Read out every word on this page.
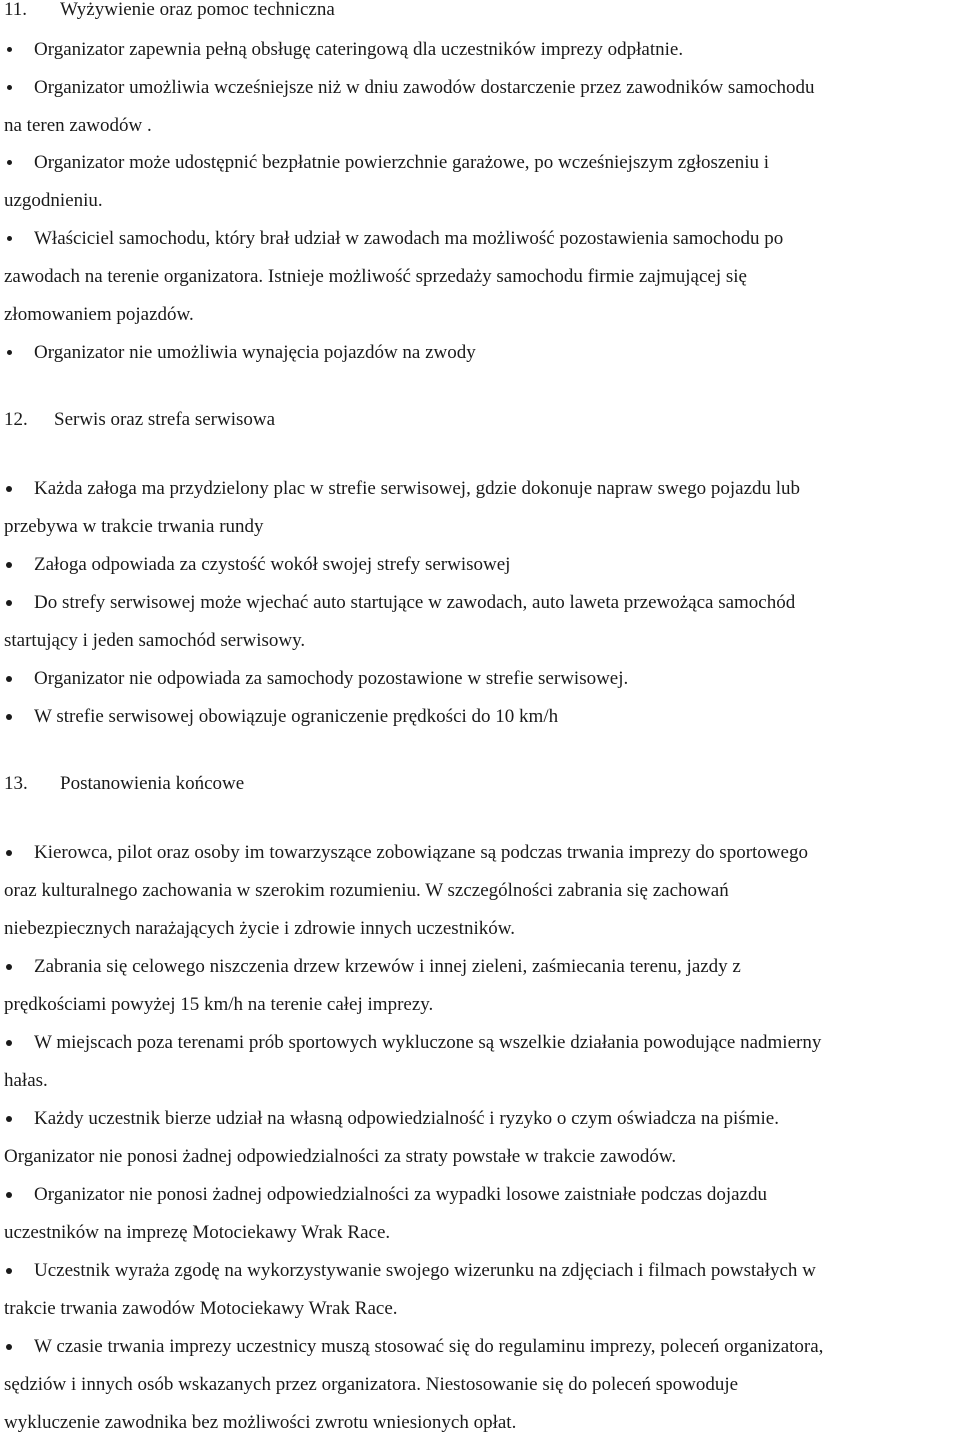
11. Wyżywienie oraz pomoc techniczna
Organizator zapewnia pełną obsługę cateringową dla uczestników imprezy odpłatnie.
Organizator umożliwia wcześniejsze niż w dniu zawodów dostarczenie przez zawodników samochodu
na teren zawodów .
Organizator może udostępnić bezpłatnie powierzchnie garażowe, po wcześniejszym zgłoszeniu i
uzgodnieniu.
Właściciel samochodu, który brał udział w zawodach ma możliwość pozostawienia samochodu po
zawodach na terenie organizatora. Istnieje możliwość sprzedaży samochodu firmie zajmującej się
złomowaniem pojazdów.
Organizator nie umożliwia wynajęcia pojazdów na zwody
12. Serwis oraz strefa serwisowa
Każda załoga ma przydzielony plac w strefie serwisowej, gdzie dokonuje napraw swego pojazdu lub
przebywa w trakcie trwania rundy
Załoga odpowiada za czystość wokół swojej strefy serwisowej
Do strefy serwisowej może wjechać auto startujące w zawodach, auto laweta przewożąca samochód
startujący i jeden samochód serwisowy.
Organizator nie odpowiada za samochody pozostawione w strefie serwisowej.
W strefie serwisowej obowiązuje ograniczenie prędkości do 10 km/h
13. Postanowienia końcowe
Kierowca, pilot oraz osoby im towarzyszące zobowiązane są podczas trwania imprezy do sportowego
oraz kulturalnego zachowania w szerokim rozumieniu. W szczególności zabrania się zachowań
niebezpiecznych narażających życie i zdrowie innych uczestników.
Zabrania się celowego niszczenia drzew krzewów i innej zieleni, zaśmiecania terenu, jazdy z
prędkościami powyżej 15 km/h na terenie całej imprezy.
W miejscach poza terenami prób sportowych wykluczone są wszelkie działania powodujące nadmierny
hałas.
Każdy uczestnik bierze udział na własną odpowiedzialność i ryzyko o czym oświadcza na piśmie.
Organizator nie ponosi żadnej odpowiedzialności za straty powstałe w trakcie zawodów.
Organizator nie ponosi żadnej odpowiedzialności za wypadki losowe zaistniałe podczas dojazdu
uczestników na imprezę Motociekawy Wrak Race.
Uczestnik wyraża zgodę na wykorzystywanie swojego wizerunku na zdjęciach i filmach powstałych w
trakcie trwania zawodów Motociekawy Wrak Race.
W czasie trwania imprezy uczestnicy muszą stosować się do regulaminu imprezy, poleceń organizatora,
sędziów i innych osób wskazanych przez organizatora. Niestosowanie się do poleceń spowoduje
wykluczenie zawodnika bez możliwości zwrotu wniesionych opłat.
